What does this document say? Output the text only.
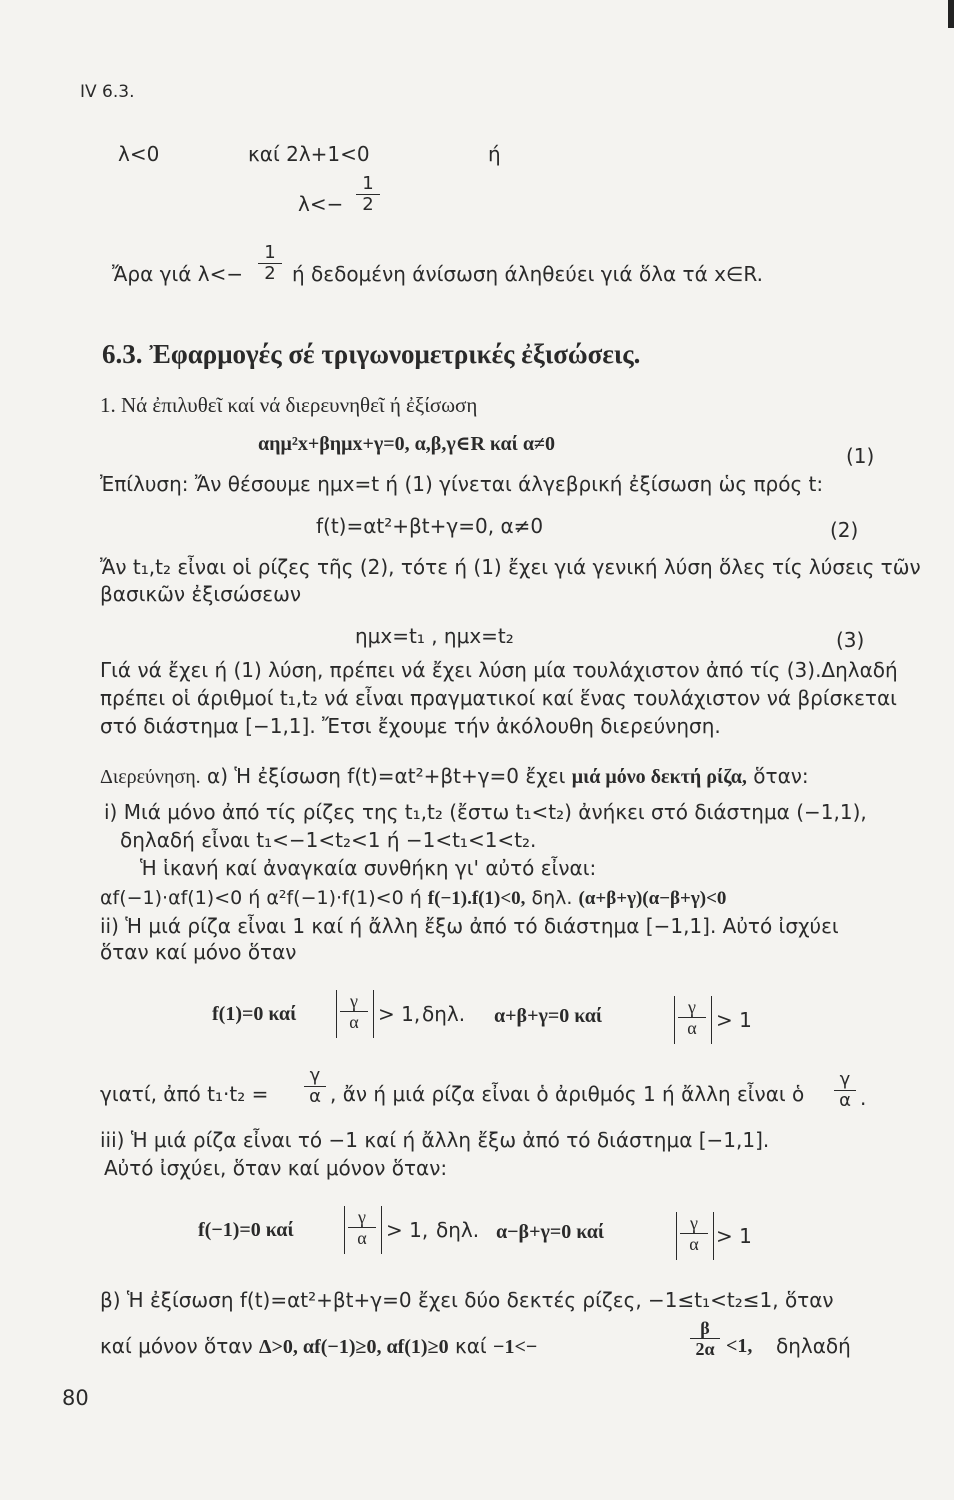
IV 6.3.
λ<0	καί 2λ+1<0	ή
$\lambda<- \frac{1}{2}$
Ἄρα γιά $\lambda<- \frac{1}{2}$ ή δεδομένη άνίσωση άληθεύει γιά ὅλα τά x∈R.
6.3. Ἐφαρμογές σέ τριγωνομετρικές ἐξισώσεις.
1. Νά ἐπιλυθεῖ καί νά διερευνηθεῖ ή ἐξίσωση
αημ²x+βημx+γ=0, α,β,γ∈R καί α≠0	(1)
Ἐπίλυση: Ἄν θέσουμε ημx=t ή (1) γίνεται άλγεβρική ἐξίσωση ὡς πρός t:
f(t)=αt²+βt+γ=0, α≠0	(2)
Ἄν t₁,t₂ εἶναι οἱ ρίζες τῆς (2), τότε ή (1) ἔχει γιά γενική λύση ὅλες τίς λύσεις τῶν
βασικῶν ἐξισώσεων
ημx=t₁ , ημx=t₂	(3)
Γιά νά ἔχει ή (1) λύση, πρέπει νά ἔχει λύση μία τουλάχιστον ἀπό τίς (3).Δηλαδή
πρέπει οἱ άριθμοί t₁,t₂ νά εἶναι πραγματικοί καί ἕνας τουλάχιστον νά βρίσκεται
στό διάστημα [−1,1]. Ἔτσι ἔχουμε τήν ἀκόλουθη διερεύνηση.
Διερεύνηση. α) Ἡ ἐξίσωση f(t)=αt²+βt+γ=0 ἔχει μιά μόνο δεκτή ρίζα, ὅταν:
i) Μιά μόνο ἀπό τίς ρίζες της t₁,t₂ (ἔστω t₁<t₂) ἀνήκει στό διάστημα (−1,1),
δηλαδή εἶναι t₁<−1<t₂<1 ή −1<t₁<1<t₂.
Ἡ ἱκανή καί ἀναγκαία συνθήκη γι' αὐτό εἶναι:
αf(−1)·αf(1)<0 ή α²f(−1)·f(1)<0 ή f(−1).f(1)<0, δηλ. (α+β+γ)(α−β+γ)<0
ii) Ἡ μιά ρίζα εἶναι 1 καί ή ἄλλη ἔξω ἀπό τό διάστημα [−1,1]. Αὐτό ἰσχύει
ὅταν καί μόνο ὅταν
f(1)=0 καί $\frac{\gamma}{\alpha} > 1$, δηλ. α+β+γ=0 καί	$\frac{\gamma}{\alpha} > 1$
γιατί, ἀπό $t_1\cdot t_2 = \frac{\gamma}{\alpha}$ , ἄν ή μιά ρίζα εἶναι ὁ ἀριθμός 1 ή ἄλλη εἶναι ὁ $\frac{\gamma}{\alpha}$ .
iii) Ἡ μιά ρίζα εἶναι τό −1 καί ή ἄλλη ἔξω ἀπό τό διάστημα [−1,1].
Αὐτό ἰσχύει, ὅταν καί μόνον ὅταν:
f(−1)=0 καί	$\frac{\gamma}{\alpha} > 1$, δηλ. α−β+γ=0 καί	$\frac{\gamma}{\alpha} > 1$
β) Ἡ ἐξίσωση f(t)=αt²+βt+γ=0 ἔχει δύο δεκτές ρίζες, −1≤t₁<t₂≤1, ὅταν
καί μόνον ὅταν Δ>0, αf(−1)≥0, αf(1)≥0 καί −1<−	$\frac{\beta}{2\alpha} <1$, δηλαδή
80
